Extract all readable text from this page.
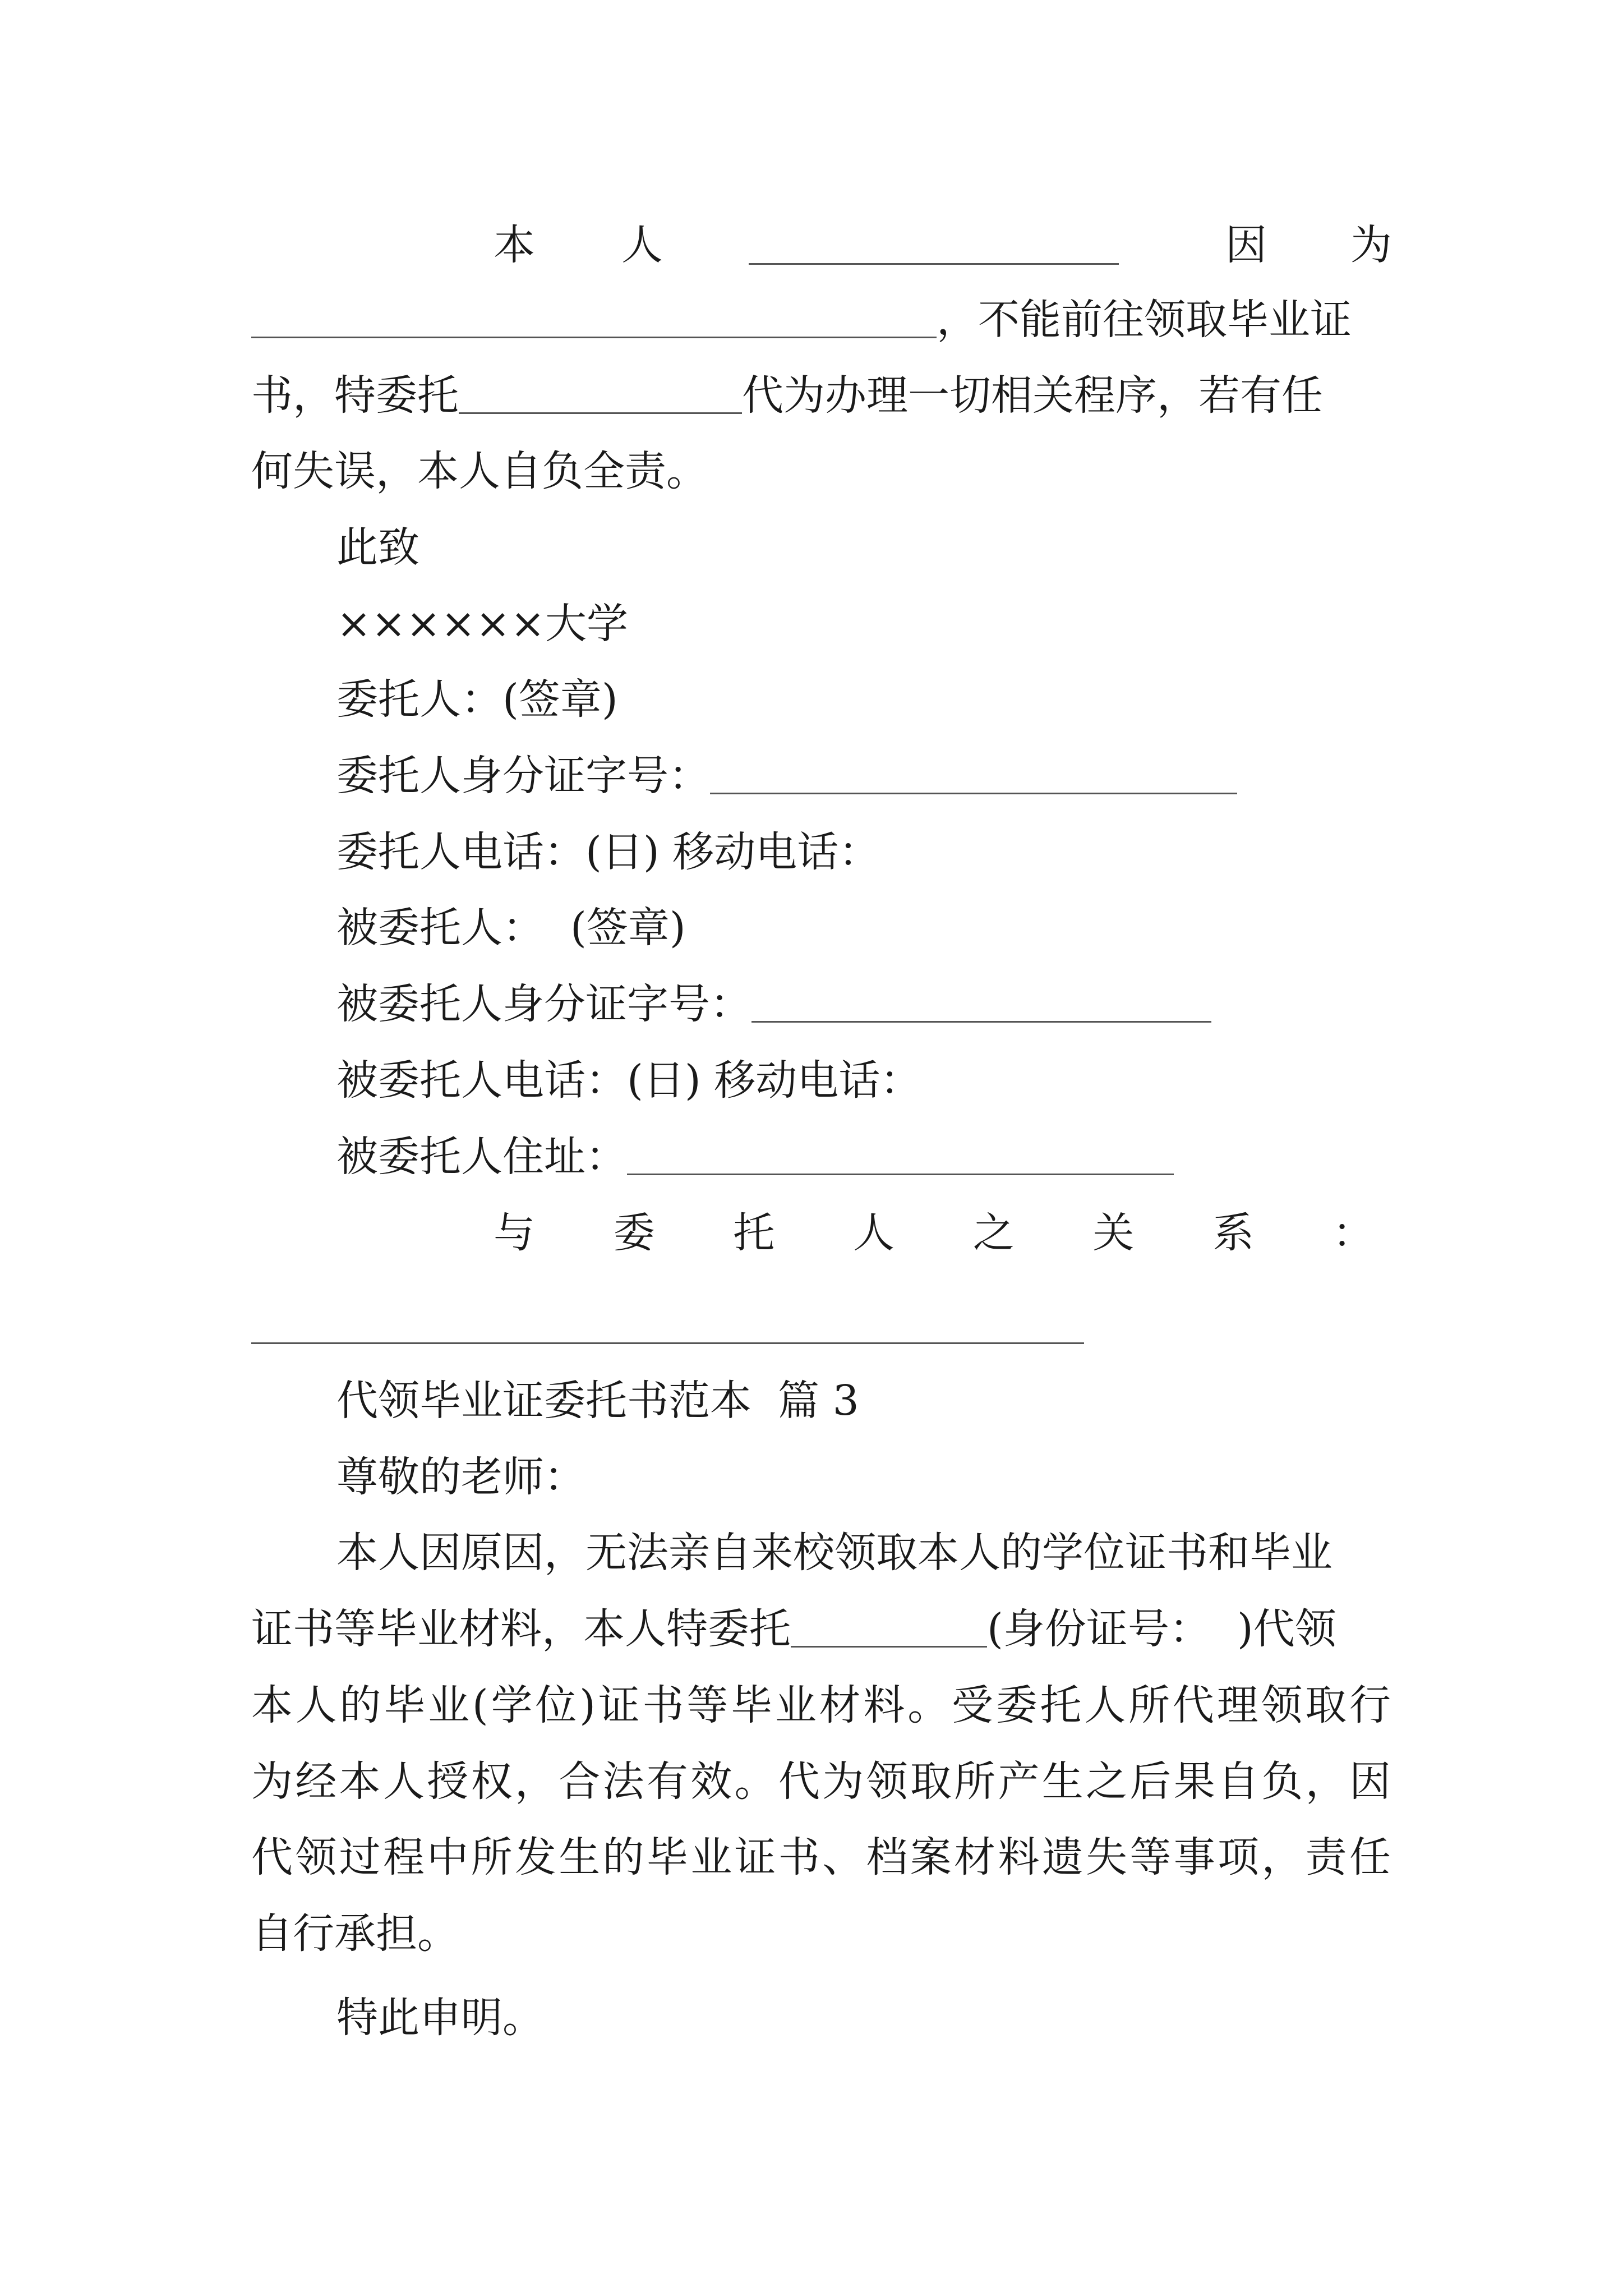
本 人	因 为
，不能前往领取毕业证
书，特委托	代为办理一切相关程序，若有任
何失误，本人自负全责。
此致
××××××大学
委托人：(签章)
委托人身分证字号：
委托人电话：(日) 移动电话：
被委托人：  (签章)
被委托人身分证字号：
被委托人电话：(日) 移动电话：
被委托人住址：
与 委 托 人 之 关 系 ：
代领毕业证委托书范本  篇 3
尊敬的老师：
本人因原因，无法亲自来校领取本人的学位证书和毕业
证书等毕业材料，本人特委托	(身份证号：  )代领
本人的毕业(学位)证书等毕业材料。受委托人所代理领取行
为经本人授权，合法有效。代为领取所产生之后果自负，因
代领过程中所发生的毕业证书、档案材料遗失等事项，责任
自行承担。
特此申明。
